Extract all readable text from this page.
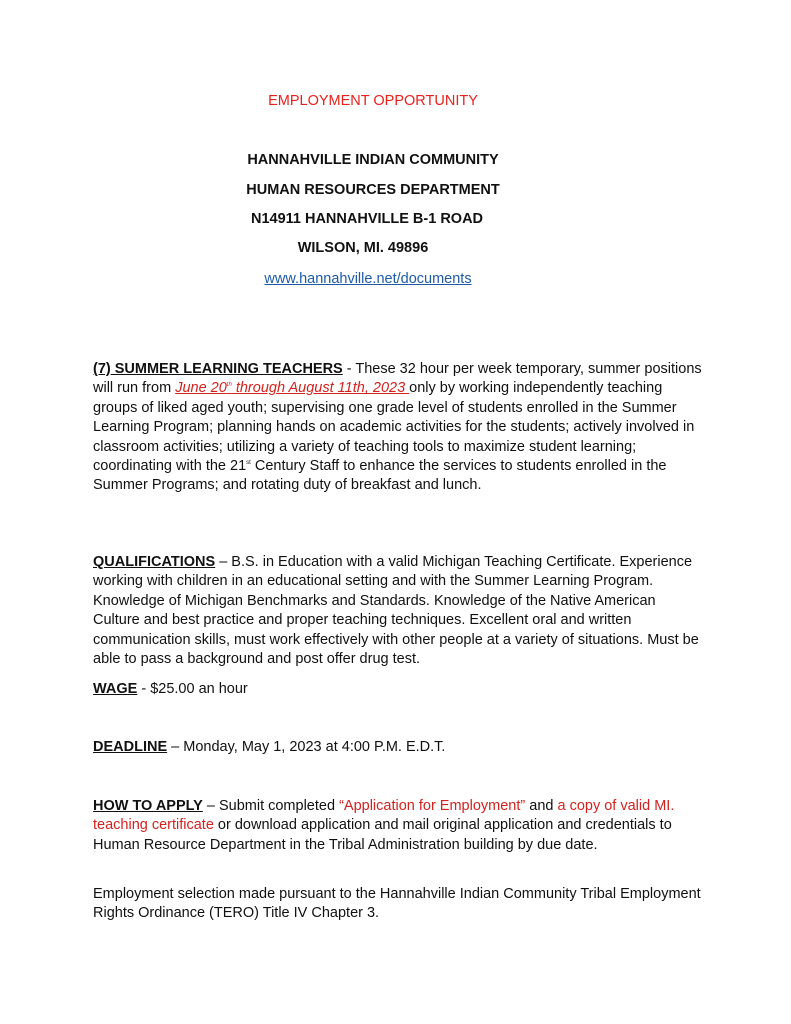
EMPLOYMENT OPPORTUNITY
HANNAHVILLE INDIAN COMMUNITY
HUMAN RESOURCES DEPARTMENT
N14911 HANNAHVILLE B-1 ROAD
WILSON, MI. 49896
www.hannahville.net/documents
(7) SUMMER LEARNING TEACHERS - These 32 hour per week temporary, summer positions will run from June 20th through August 11th, 2023 only by working independently teaching groups of liked aged youth; supervising one grade level of students enrolled in the Summer Learning Program; planning hands on academic activities for the students; actively involved in classroom activities; utilizing a variety of teaching tools to maximize student learning; coordinating with the 21st Century Staff to enhance the services to students enrolled in the Summer Programs; and rotating duty of breakfast and lunch.
QUALIFICATIONS – B.S. in Education with a valid Michigan Teaching Certificate. Experience working with children in an educational setting and with the Summer Learning Program. Knowledge of Michigan Benchmarks and Standards. Knowledge of the Native American Culture and best practice and proper teaching techniques. Excellent oral and written communication skills, must work effectively with other people at a variety of situations. Must be able to pass a background and post offer drug test.
WAGE - $25.00 an hour
DEADLINE – Monday, May 1, 2023 at 4:00 P.M. E.D.T.
HOW TO APPLY – Submit completed “Application for Employment” and a copy of valid MI. teaching certificate or download application and mail original application and credentials to Human Resource Department in the Tribal Administration building by due date.
Employment selection made pursuant to the Hannahville Indian Community Tribal Employment Rights Ordinance (TERO) Title IV Chapter 3.
